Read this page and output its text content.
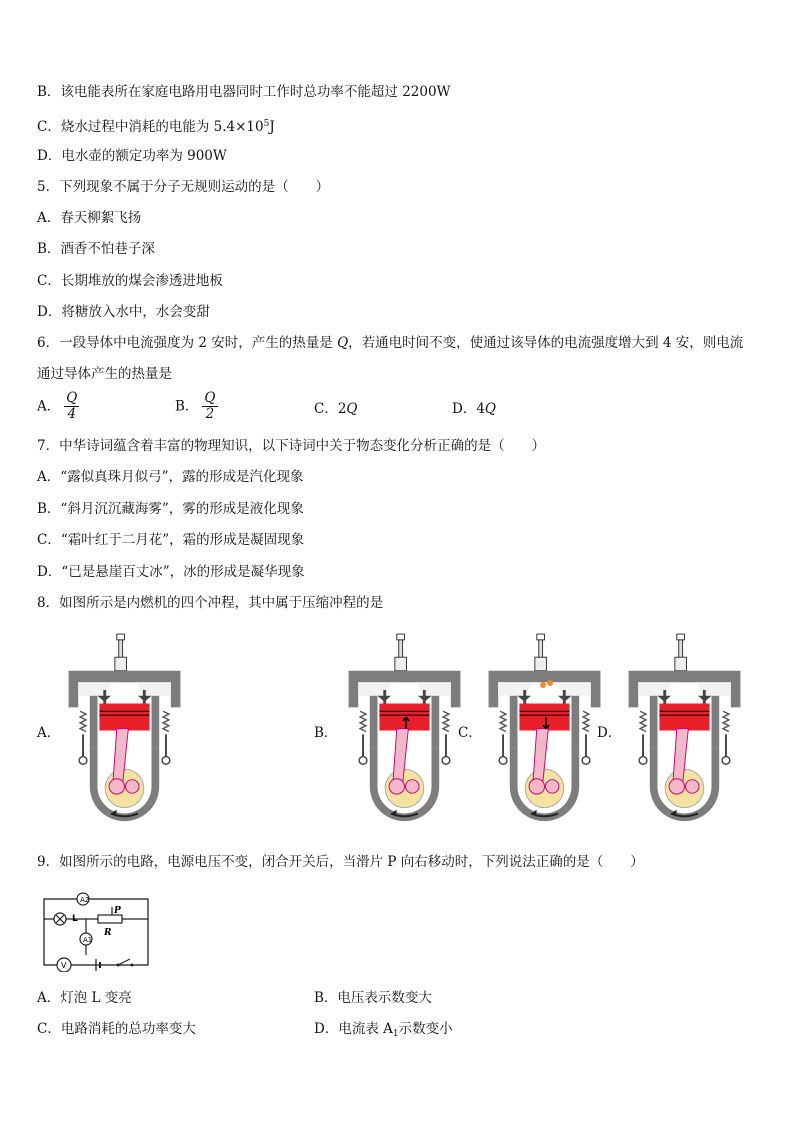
B．该电能表所在家庭电路用电器同时工作时总功率不能超过 2200W
C．烧水过程中消耗的电能为 $5.4\times 10^5J$
D．电水壶的额定功率为 900W
5．下列现象不属于分子无规则运动的是（　　）
A．春天柳絮飞扬
B．酒香不怕巷子深
C．长期堆放的煤会渗透进地板
D．将糖放入水中，水会变甜
6．一段导体中电流强度为 2 安时，产生的热量是 Q，若通电时间不变，使通过该导体的电流强度增大到 4 安，则电流
通过导体产生的热量是
A． $\frac{Q}{4}$	B． $\frac{Q}{2}$	C．2Q	D．4Q
7．中华诗词蕴含着丰富的物理知识，以下诗词中关于物态变化分析正确的是（　　）
A．“露似真珠月似弓”，露的形成是汽化现象
B．“斜月沉沉藏海雾”，雾的形成是液化现象
C．“霜叶红于二月花”，霜的形成是凝固现象
D．“已是悬崖百丈冰”，冰的形成是凝华现象
8．如图所示是内燃机的四个冲程，其中属于压缩冲程的是
A．	B．	C．	D．
9．如图所示的电路，电源电压不变，闭合开关后，当滑片 P 向右移动时，下列说法正确的是（　　）
A2
L
P
R
A1
V
A．灯泡 L 变亮	B．电压表示数变大
C．电路消耗的总功率变大	D．电流表 $A_1$示数变小
